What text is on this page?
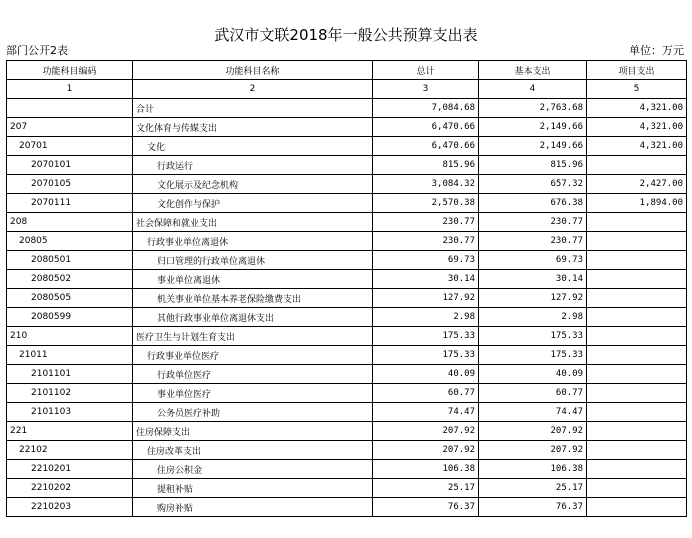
武汉市文联2018年一般公共预算支出表
部门公开2表	单位：万元
功能科目编码	功能科目名称	总计	基本支出	项目支出
1	2	3	4	5
	合计	7,084.68	2,763.68	4,321.00
207	文化体育与传媒支出	6,470.66	2,149.66	4,321.00
20701	文化	6,470.66	2,149.66	4,321.00
2070101	行政运行	815.96	815.96	
2070105	文化展示及纪念机构	3,084.32	657.32	2,427.00
2070111	文化创作与保护	2,570.38	676.38	1,894.00
208	社会保障和就业支出	230.77	230.77	
20805	行政事业单位离退休	230.77	230.77	
2080501	归口管理的行政单位离退休	69.73	69.73	
2080502	事业单位离退休	30.14	30.14	
2080505	机关事业单位基本养老保险缴费支出	127.92	127.92	
2080599	其他行政事业单位离退休支出	2.98	2.98	
210	医疗卫生与计划生育支出	175.33	175.33	
21011	行政事业单位医疗	175.33	175.33	
2101101	行政单位医疗	40.09	40.09	
2101102	事业单位医疗	60.77	60.77	
2101103	公务员医疗补助	74.47	74.47	
221	住房保障支出	207.92	207.92	
22102	住房改革支出	207.92	207.92	
2210201	住房公积金	106.38	106.38	
2210202	提租补贴	25.17	25.17	
2210203	购房补贴	76.37	76.37	
